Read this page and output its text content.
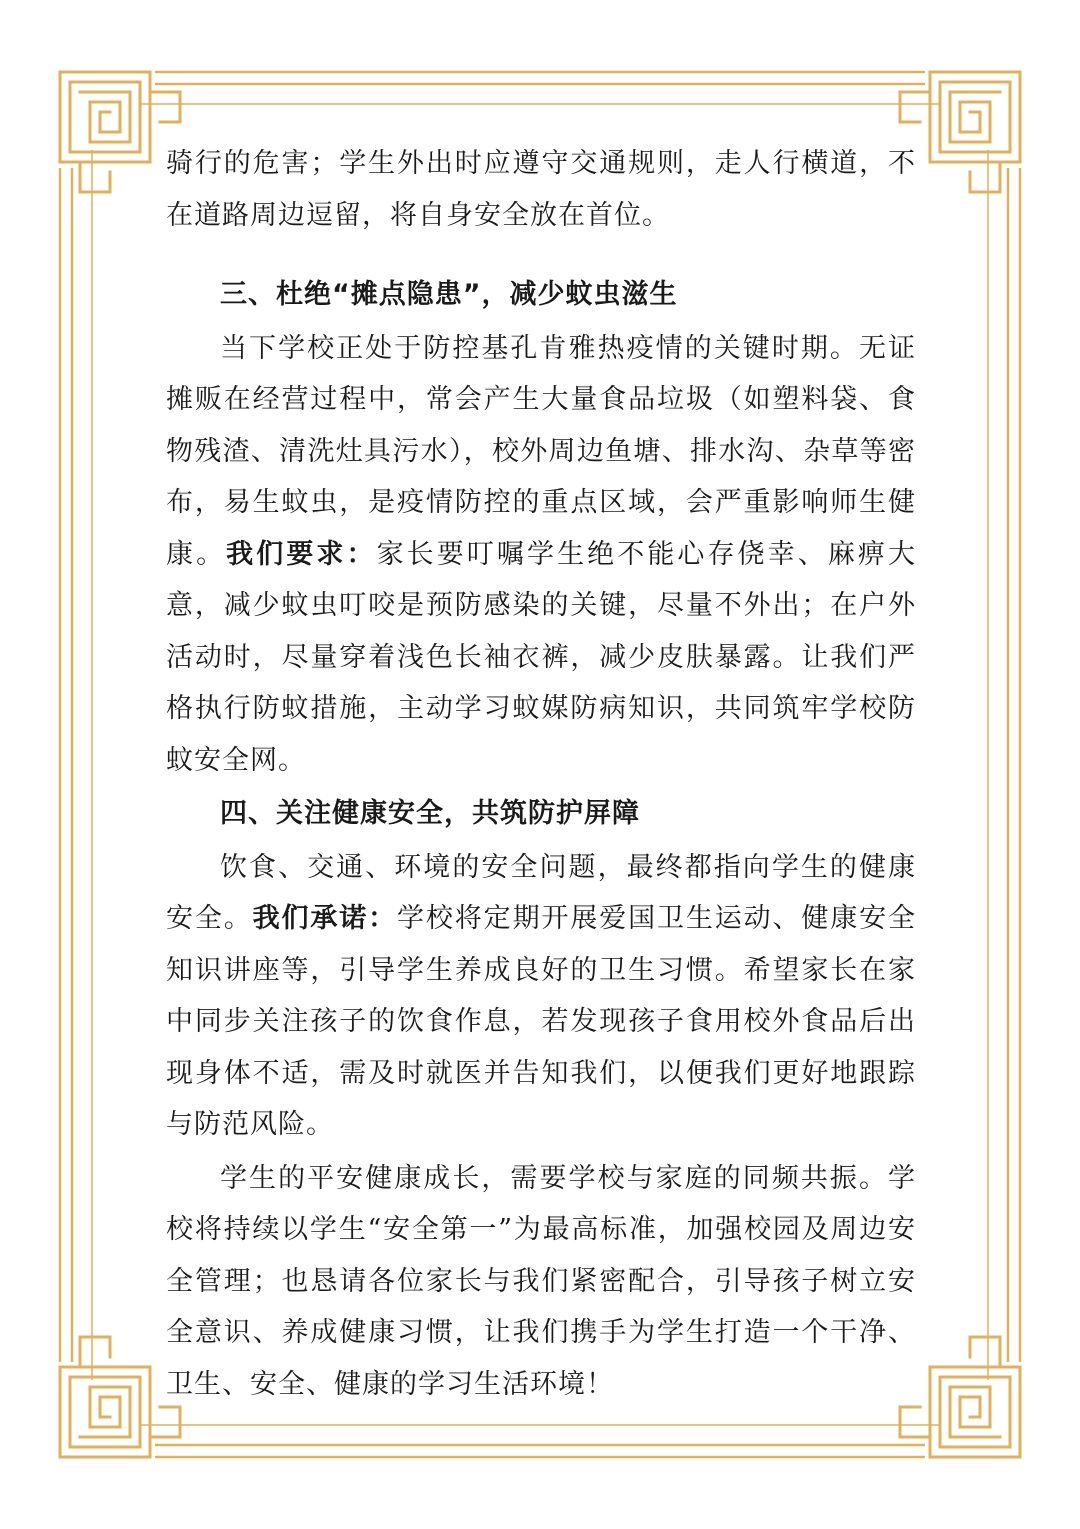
骑行的危害；学生外出时应遵守交通规则，走人行横道，不在道路周边逗留，将自身安全放在首位。

三、杜绝“摊点隐患”，减少蚊虫滋生

当下学校正处于防控基孔肯雅热疫情的关键时期。无证摊贩在经营过程中，常会产生大量食品垃圾（如塑料袋、食物残渣、清洗灶具污水），校外周边鱼塘、排水沟、杂草等密布，易生蚊虫，是疫情防控的重点区域，会严重影响师生健康。我们要求：家长要叮嘱学生绝不能心存侥幸、麻痹大意，减少蚊虫叮咬是预防感染的关键，尽量不外出；在户外活动时，尽量穿着浅色长袖衣裤，减少皮肤暴露。让我们严格执行防蚊措施，主动学习蚊媒防病知识，共同筑牢学校防蚊安全网。

四、关注健康安全，共筑防护屏障

饮食、交通、环境的安全问题，最终都指向学生的健康安全。我们承诺：学校将定期开展爱国卫生运动、健康安全知识讲座等，引导学生养成良好的卫生习惯。希望家长在家中同步关注孩子的饮食作息，若发现孩子食用校外食品后出现身体不适，需及时就医并告知我们，以便我们更好地跟踪与防范风险。

学生的平安健康成长，需要学校与家庭的同频共振。学校将持续以学生“安全第一”为最高标准，加强校园及周边安全管理；也恳请各位家长与我们紧密配合，引导孩子树立安全意识、养成健康习惯，让我们携手为学生打造一个干净、卫生、安全、健康的学习生活环境！
